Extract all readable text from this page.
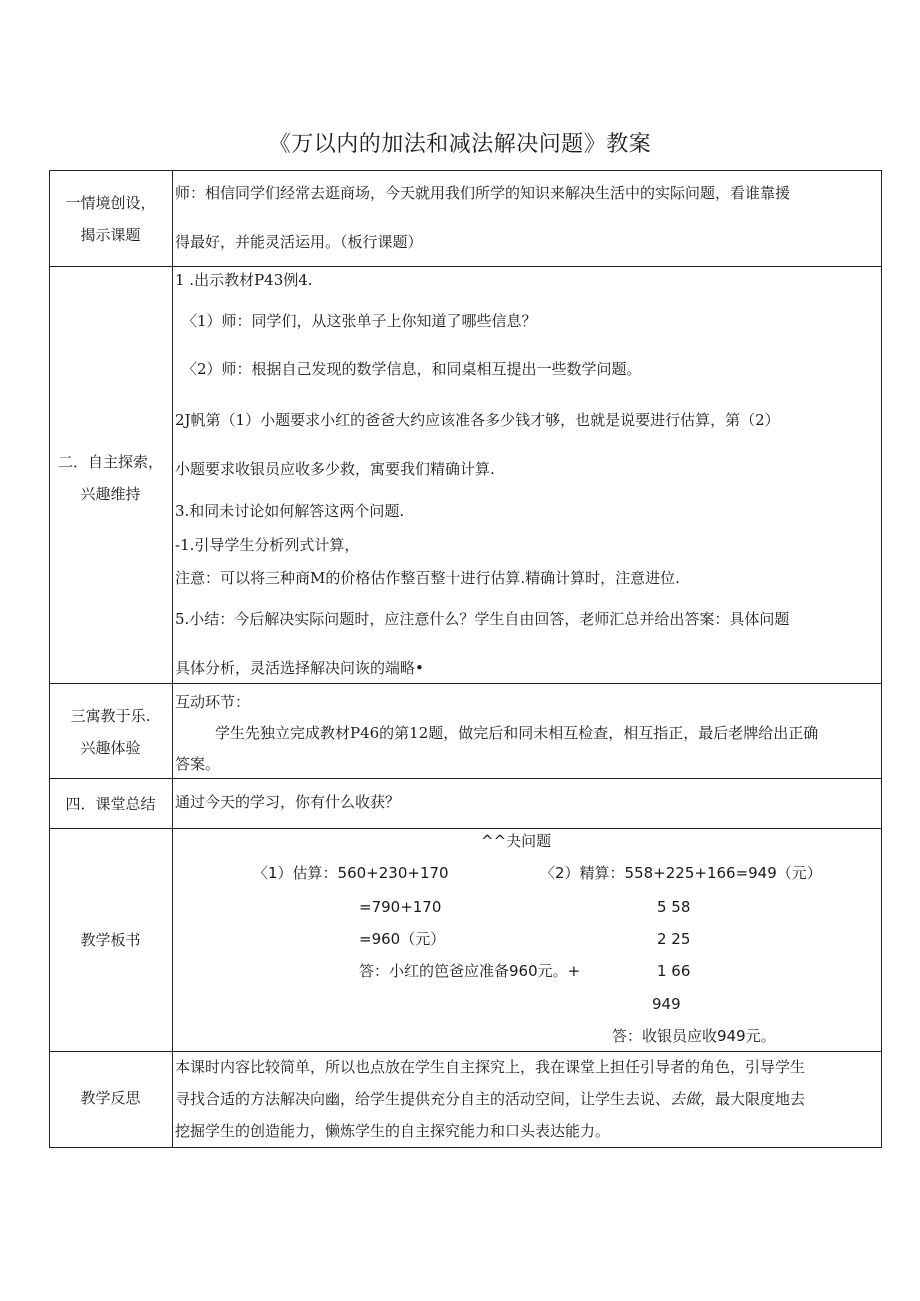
《万以内的加法和减法解决问题》教案
一情境创设，
揭示课题
师：相信同学们经常去逛商场，今天就用我们所学的知识来解决生活中的实际问题，看谁靠援
得最好，并能灵活运用。（板行课题）
二．自主探索，
兴趣维持
1 .出示教材P43例4.
〈1）师：同学们，从这张单子上你知道了哪些信息？
〈2）师：根据自己发现的数学信息，和同桌相互提出一些数学问题。
2J帆第（1）小题要求小红的爸爸大约应该准各多少钱才够，也就是说要进行估算，第（2）
小题要求收银员应收多少救，寓要我们精确计算.
3.和同未讨论如何解答这两个问题.
-1.引导学生分析列式计算，
注意：可以将三种商M的价格估作整百整十进行估算.精确计算时，注意进位.
5.小结：今后解决实际问题时，应注意什么？学生自由回答，老师汇总并给出答案：具体问题
具体分析，灵活选择解决问诙的端略•
三寓教于乐.
兴趣体验
互动环节：
学生先独立完成教材P46的第12题，做完后和同未相互检查，相互指正，最后老牌给出正确
答案。
四．课堂总结	通过今天的学习，你有什么收获？
教学板书
^^夬问题
〈1）估算：560+230+170
=790+170
=960（元）
答：小红的笆爸应准备960元。+
〈2）精算：558+225+166=949（元）
5 58
2 25
1 66
949
答：收银员应收949元。
教学反思
本课时内容比较简单，所以也点放在学生自主探究上，我在课堂上担任引导者的角色，引导学生
寻找合适的方法解决向幽，给学生提供充分自主的活动空间，让学生去说、去做，最大限度地去
挖掘学生的创造能力，懒炼学生的自主探究能力和口头表达能力。
